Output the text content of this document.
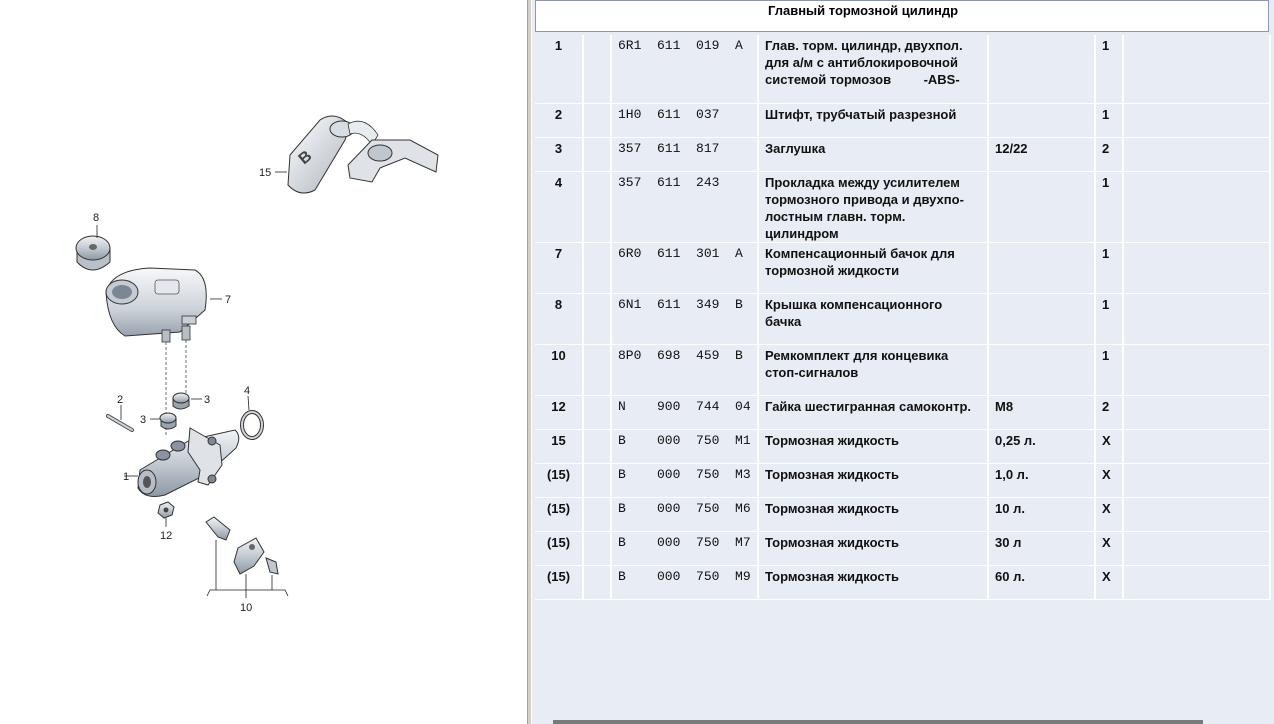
B
15
8
7
3
3
2
4
1
12
10
Главный тормозной цилиндр
1		6R1  611  019  A	Глав. торм. цилиндр, двухпол.
для а/м с антиблокировочной
системой тормозов         -ABS-		1	
2		1H0  611  037	Штифт, трубчатый разрезной		1	
3		357  611  817	Заглушка	12/22	2	
4		357  611  243	Прокладка между усилителем
тормозного привода и двухпо-
лостным главн. торм. цилиндром		1	
7		6R0  611  301  A	Компенсационный бачок для
тормозной жидкости		1	
8		6N1  611  349  B	Крышка компенсационного
бачка		1	
10		8P0  698  459  B	Ремкомплект для концевика
стоп-сигналов		1	
12		N    900  744  04	Гайка шестигранная самоконтр.	M8	2	
15		B    000  750  M1	Тормозная жидкость	0,25 л.	X	
(15)		B    000  750  M3	Тормозная жидкость	1,0 л.	X	
(15)		B    000  750  M6	Тормозная жидкость	10 л.	X	
(15)		B    000  750  M7	Тормозная жидкость	30 л	X	
(15)		B    000  750  M9	Тормозная жидкость	60 л.	X	
